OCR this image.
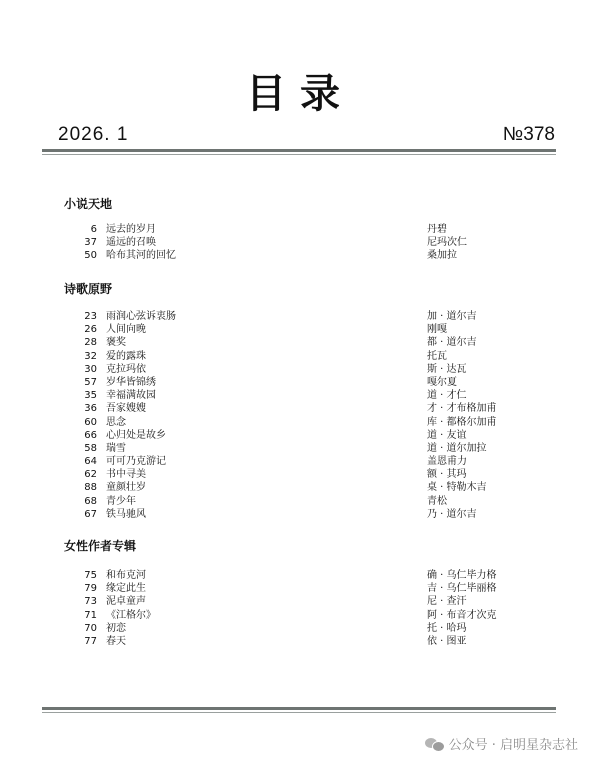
目录
2026. 1	№378
小说天地
6 远去的岁月	丹碧
37 遥远的召唤	尼玛次仁
50 哈布其河的回忆	桑加拉
诗歌原野
23 雨润心弦诉衷肠	加 · 道尔吉
26 人间向晚	刚嘎
28 褒奖	都 · 道尔吉
32 爱的露珠	托瓦
30 克拉玛依	斯 · 达瓦
57 岁华皆锦绣	嘎尔夏
35 幸福满故园	道 · 才仁
36 吾家嫂嫂	才 · 才布格加甫
60 思念	库 · 都格尔加甫
66 心归处是故乡	道 · 友谊
58 瑞雪	道 · 道尔加拉
64 可可乃克游记	盖恩甫力
62 书中寻美	额 · 其玛
88 童颜壮岁	桌 · 特勒木吉
68 青少年	青松
67 铁马驰风	乃 · 道尔吉
女性作者专辑
75 和布克河	确 · 乌仁毕力格
79 缘定此生	吉 · 乌仁毕丽格
73 泥卓童声	尼 · 查汗
71 《江格尔》	阿 · 布音才次克
70 初恋	托 · 哈玛
77 春天	依 · 图亚
公众号 · 启明星杂志社
